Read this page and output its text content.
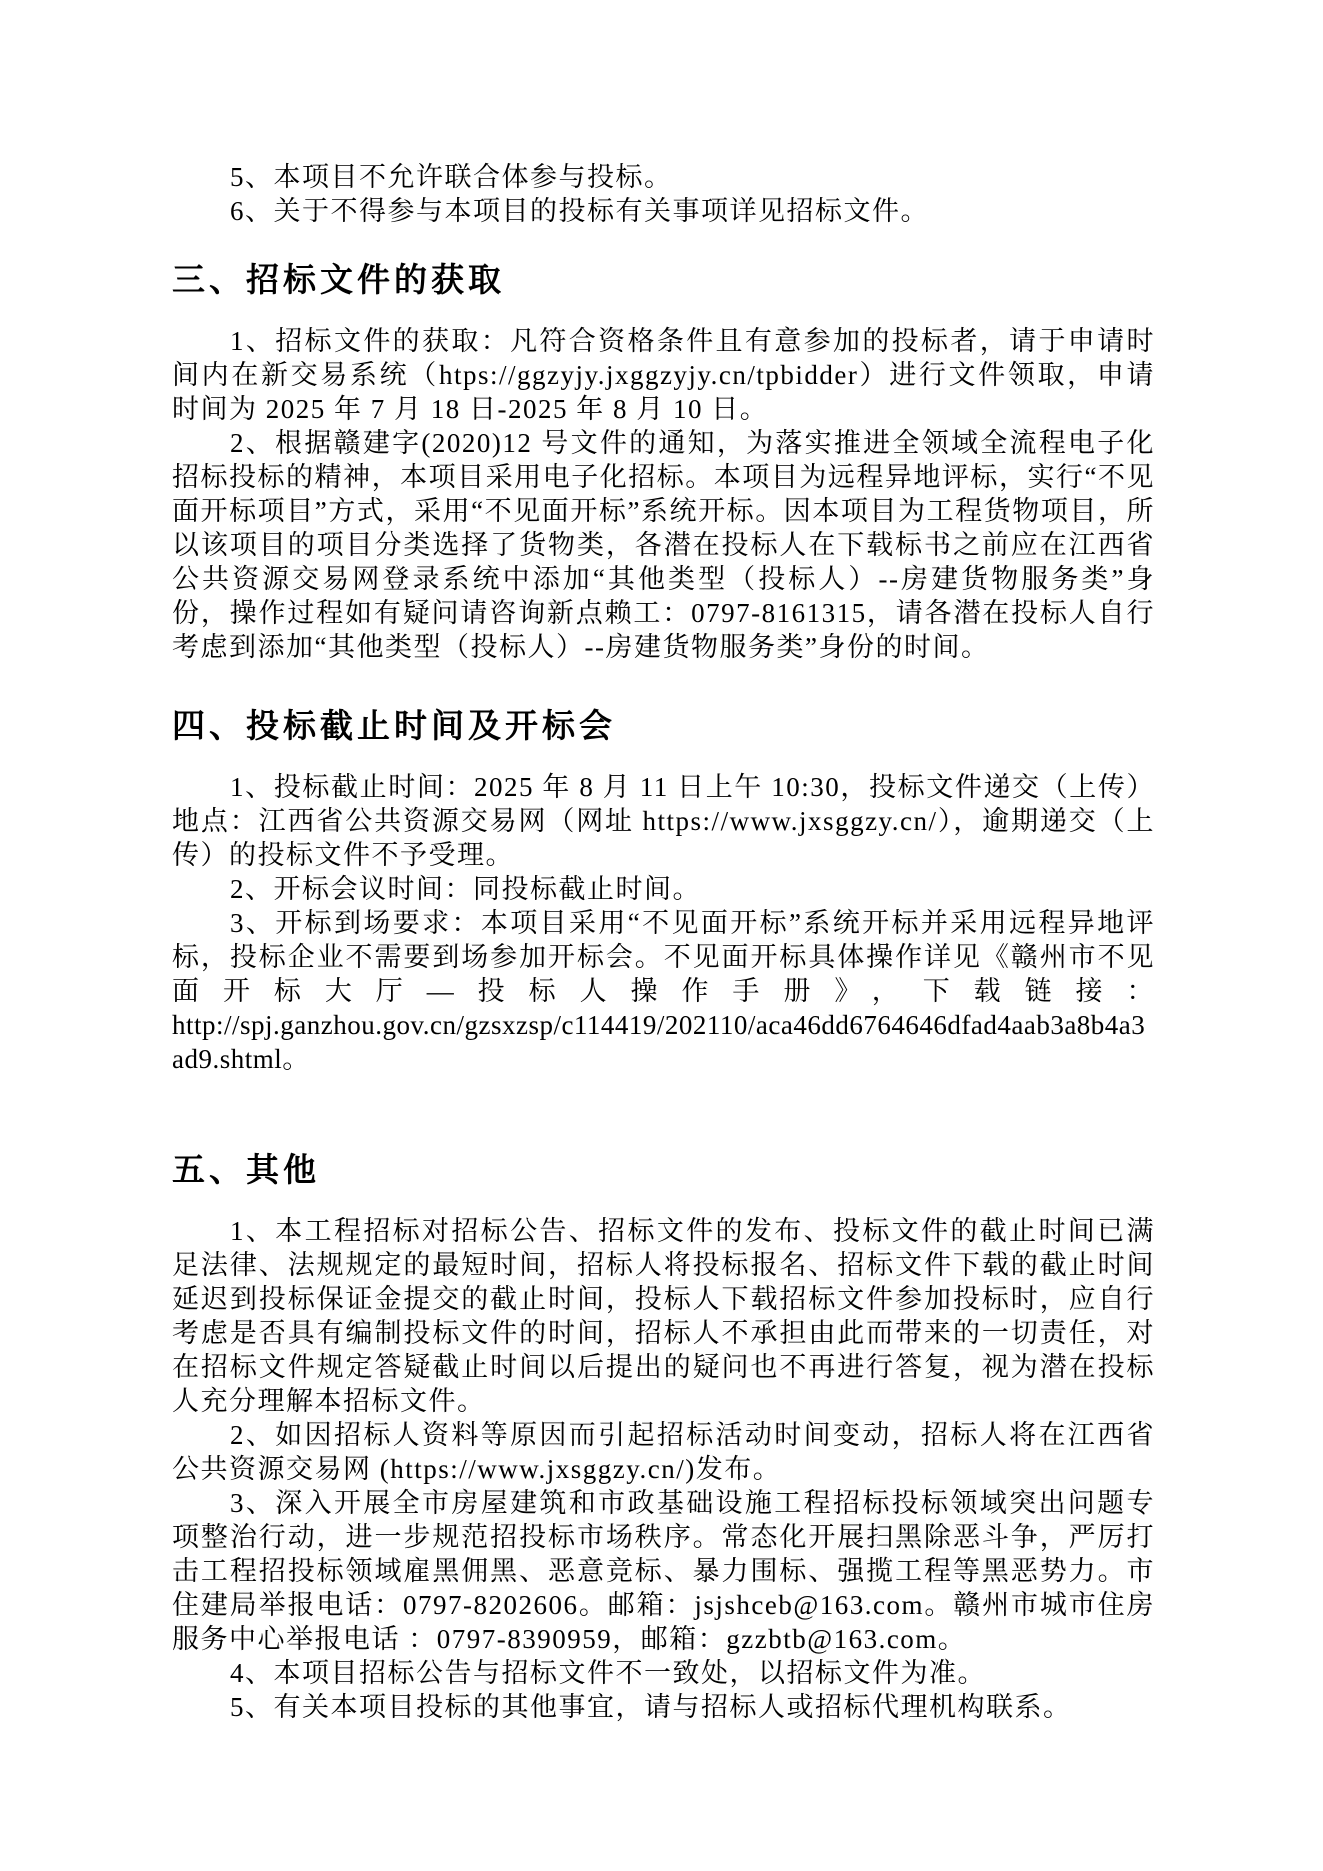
5、本项目不允许联合体参与投标。

6、关于不得参与本项目的投标有关事项详见招标文件。

三、招标文件的获取

1、招标文件的获取：凡符合资格条件且有意参加的投标者，请于申请时间内在新交易系统（htps://ggzyjy.jxggzyjy.cn/tpbidder）进行文件领取，申请时间为 2025 年 7 月 18 日-2025 年 8 月 10 日。

2、根据赣建字(2020)12 号文件的通知，为落实推进全领域全流程电子化招标投标的精神，本项目采用电子化招标。本项目为远程异地评标，实行“不见面开标项目”方式，采用“不见面开标”系统开标。因本项目为工程货物项目，所以该项目的项目分类选择了货物类，各潜在投标人在下载标书之前应在江西省公共资源交易网登录系统中添加“其他类型（投标人）--房建货物服务类”身份，操作过程如有疑问请咨询新点赖工：0797-8161315，请各潜在投标人自行考虑到添加“其他类型（投标人）--房建货物服务类”身份的时间。

四、投标截止时间及开标会

1、投标截止时间：2025 年 8 月 11 日上午 10:30，投标文件递交（上传）地点：江西省公共资源交易网（网址 https://www.jxsggzy.cn/），逾期递交（上传）的投标文件不予受理。

2、开标会议时间：同投标截止时间。

3、开标到场要求：本项目采用“不见面开标”系统开标并采用远程异地评标，投标企业不需要到场参加开标会。不见面开标具体操作详见《赣州市不见面开标大厅—投标人操作手册》，下载链接：http://spj.ganzhou.gov.cn/gzsxzsp/c114419/202110/aca46dd6764646dfad4aab3a8b4a3ad9.shtml。

五、其他

1、本工程招标对招标公告、招标文件的发布、投标文件的截止时间已满足法律、法规规定的最短时间，招标人将投标报名、招标文件下载的截止时间延迟到投标保证金提交的截止时间，投标人下载招标文件参加投标时，应自行考虑是否具有编制投标文件的时间，招标人不承担由此而带来的一切责任，对在招标文件规定答疑截止时间以后提出的疑问也不再进行答复，视为潜在投标人充分理解本招标文件。

2、如因招标人资料等原因而引起招标活动时间变动，招标人将在江西省公共资源交易网 (https://www.jxsggzy.cn/)发布。

3、深入开展全市房屋建筑和市政基础设施工程招标投标领域突出问题专项整治行动，进一步规范招投标市场秩序。常态化开展扫黑除恶斗争，严厉打击工程招投标领域雇黑佣黑、恶意竞标、暴力围标、强揽工程等黑恶势力。市住建局举报电话：0797-8202606。邮箱：jsjshceb@163.com。赣州市城市住房服务中心举报电话 ：0797-8390959，邮箱：gzzbtb@163.com。

4、本项目招标公告与招标文件不一致处，以招标文件为准。

5、有关本项目投标的其他事宜，请与招标人或招标代理机构联系。
